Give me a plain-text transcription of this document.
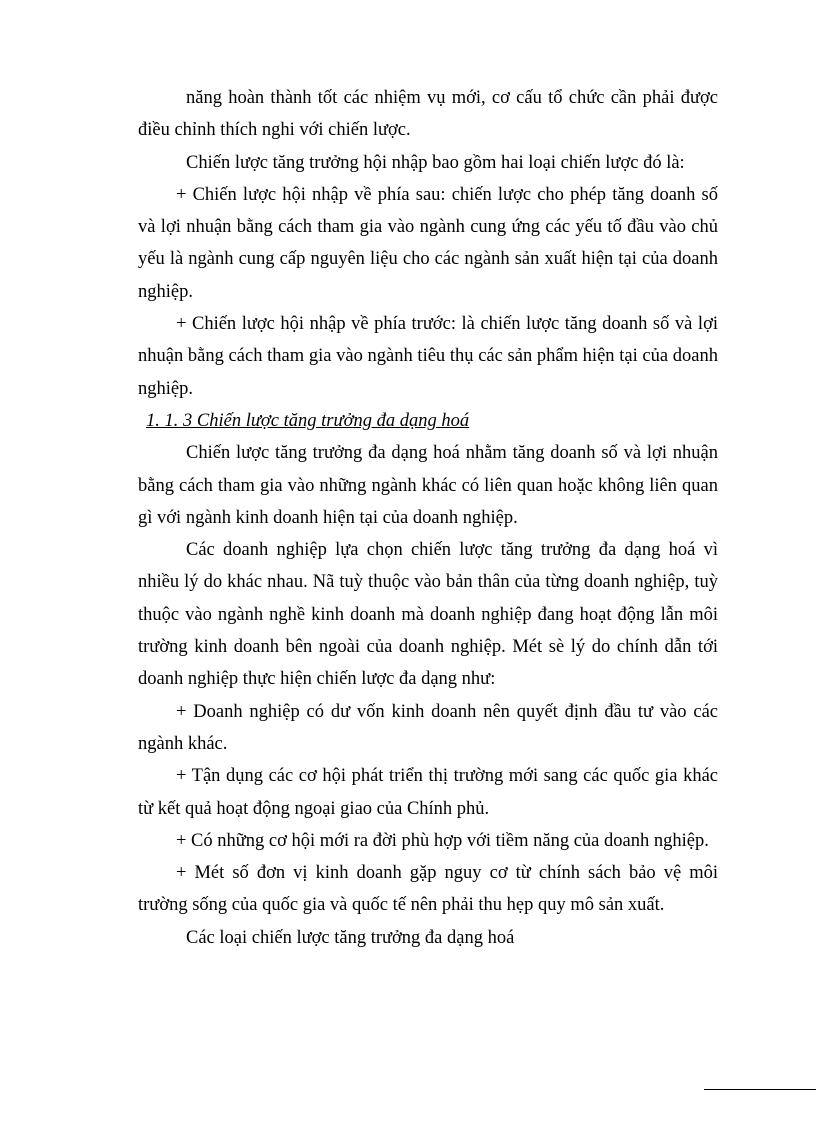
năng hoàn thành tốt các nhiệm vụ mới, cơ cấu tổ chức cần phải được điều chỉnh thích nghi với chiến lược.

Chiến lược tăng trưởng hội nhập bao gồm hai loại chiến lược đó là:

+ Chiến lược hội nhập về phía sau: chiến lược cho phép tăng doanh số và lợi nhuận bằng cách tham gia vào ngành cung ứng các yếu tố đầu vào chủ yếu là ngành cung cấp nguyên liệu cho các ngành sản xuất hiện tại của doanh nghiệp.

+ Chiến lược hội nhập về phía trước: là chiến lược tăng doanh số và lợi nhuận bằng cách tham gia vào ngành tiêu thụ các sản phẩm hiện tại của doanh nghiệp.

1. 1. 3 Chiến lược tăng trưởng đa dạng hoá

Chiến lược tăng trưởng đa dạng hoá nhằm tăng doanh số và lợi nhuận bằng cách tham gia vào những ngành khác có liên quan hoặc không liên quan gì với ngành kinh doanh hiện tại của doanh nghiệp.

Các doanh nghiệp lựa chọn chiến lược tăng trưởng đa dạng hoá vì nhiều lý do khác nhau. Nã tuỳ thuộc vào bản thân của từng doanh nghiệp, tuỳ thuộc vào ngành nghề kinh doanh mà doanh nghiệp đang hoạt động lẫn môi trường kinh doanh bên ngoài của doanh nghiệp. Mét sè lý do chính dẫn tới doanh nghiệp thực hiện chiến lược đa dạng như:

+ Doanh nghiệp có dư vốn kinh doanh nên quyết định đầu tư vào các ngành khác.

+ Tận dụng các cơ hội phát triển thị trường mới sang các quốc gia khác từ kết quả hoạt động ngoại giao của Chính phủ.

+ Có những cơ hội mới ra đời phù hợp với tiềm năng của doanh nghiệp.

+ Mét số đơn vị kinh doanh gặp nguy cơ từ chính sách bảo vệ môi trường sống của quốc gia và quốc tế nên phải thu hẹp quy mô sản xuất.

Các loại chiến lược tăng trưởng đa dạng hoá
